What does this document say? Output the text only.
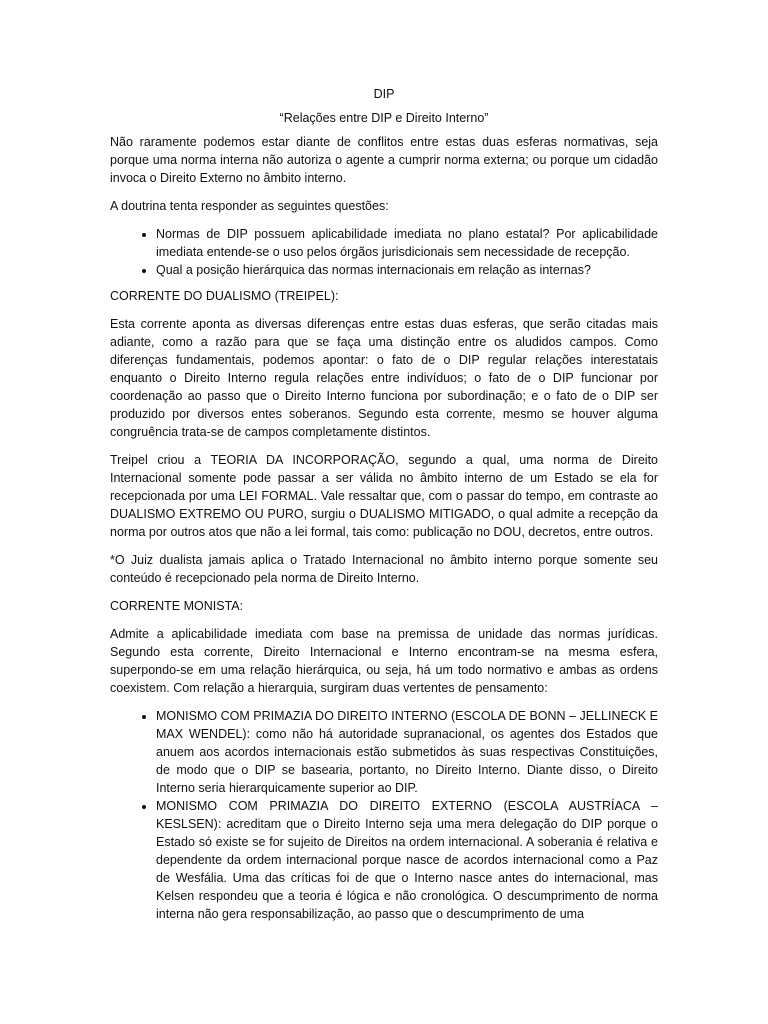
DIP

“Relações entre DIP e Direito Interno”

Não raramente podemos estar diante de conflitos entre estas duas esferas normativas, seja porque uma norma interna não autoriza o agente a cumprir norma externa; ou porque um cidadão invoca o Direito Externo no âmbito interno.

A doutrina tenta responder as seguintes questões:

• Normas de DIP possuem aplicabilidade imediata no plano estatal? Por aplicabilidade imediata entende-se o uso pelos órgãos jurisdicionais sem necessidade de recepção.
• Qual a posição hierárquica das normas internacionais em relação as internas?

CORRENTE DO DUALISMO (TREIPEL):

Esta corrente aponta as diversas diferenças entre estas duas esferas, que serão citadas mais adiante, como a razão para que se faça uma distinção entre os aludidos campos. Como diferenças fundamentais, podemos apontar: o fato de o DIP regular relações interestatais enquanto o Direito Interno regula relações entre indivíduos; o fato de o DIP funcionar por coordenação ao passo que o Direito Interno funciona por subordinação; e o fato de o DIP ser produzido por diversos entes soberanos. Segundo esta corrente, mesmo se houver alguma congruência trata-se de campos completamente distintos.

Treipel criou a TEORIA DA INCORPORAÇÃO, segundo a qual, uma norma de Direito Internacional somente pode passar a ser válida no âmbito interno de um Estado se ela for recepcionada por uma LEI FORMAL. Vale ressaltar que, com o passar do tempo, em contraste ao DUALISMO EXTREMO OU PURO, surgiu o DUALISMO MITIGADO, o qual admite a recepção da norma por outros atos que não a lei formal, tais como: publicação no DOU, decretos, entre outros.

*O Juiz dualista jamais aplica o Tratado Internacional no âmbito interno porque somente seu conteúdo é recepcionado pela norma de Direito Interno.

CORRENTE MONISTA:

Admite a aplicabilidade imediata com base na premissa de unidade das normas jurídicas. Segundo esta corrente, Direito Internacional e Interno encontram-se na mesma esfera, superpondo-se em uma relação hierárquica, ou seja, há um todo normativo e ambas as ordens coexistem. Com relação a hierarquia, surgiram duas vertentes de pensamento:

• MONISMO COM PRIMAZIA DO DIREITO INTERNO (ESCOLA DE BONN – JELLINECK E MAX WENDEL): como não há autoridade supranacional, os agentes dos Estados que anuem aos acordos internacionais estão submetidos às suas respectivas Constituições, de modo que o DIP se basearia, portanto, no Direito Interno. Diante disso, o Direito Interno seria hierarquicamente superior ao DIP.
• MONISMO COM PRIMAZIA DO DIREITO EXTERNO (ESCOLA AUSTRÍACA – KESLSEN): acreditam que o Direito Interno seja uma mera delegação do DIP porque o Estado só existe se for sujeito de Direitos na ordem internacional. A soberania é relativa e dependente da ordem internacional porque nasce de acordos internacional como a Paz de Wesfália. Uma das críticas foi de que o Interno nasce antes do internacional, mas Kelsen respondeu que a teoria é lógica e não cronológica. O descumprimento de norma interna não gera responsabilização, ao passo que o descumprimento de uma
